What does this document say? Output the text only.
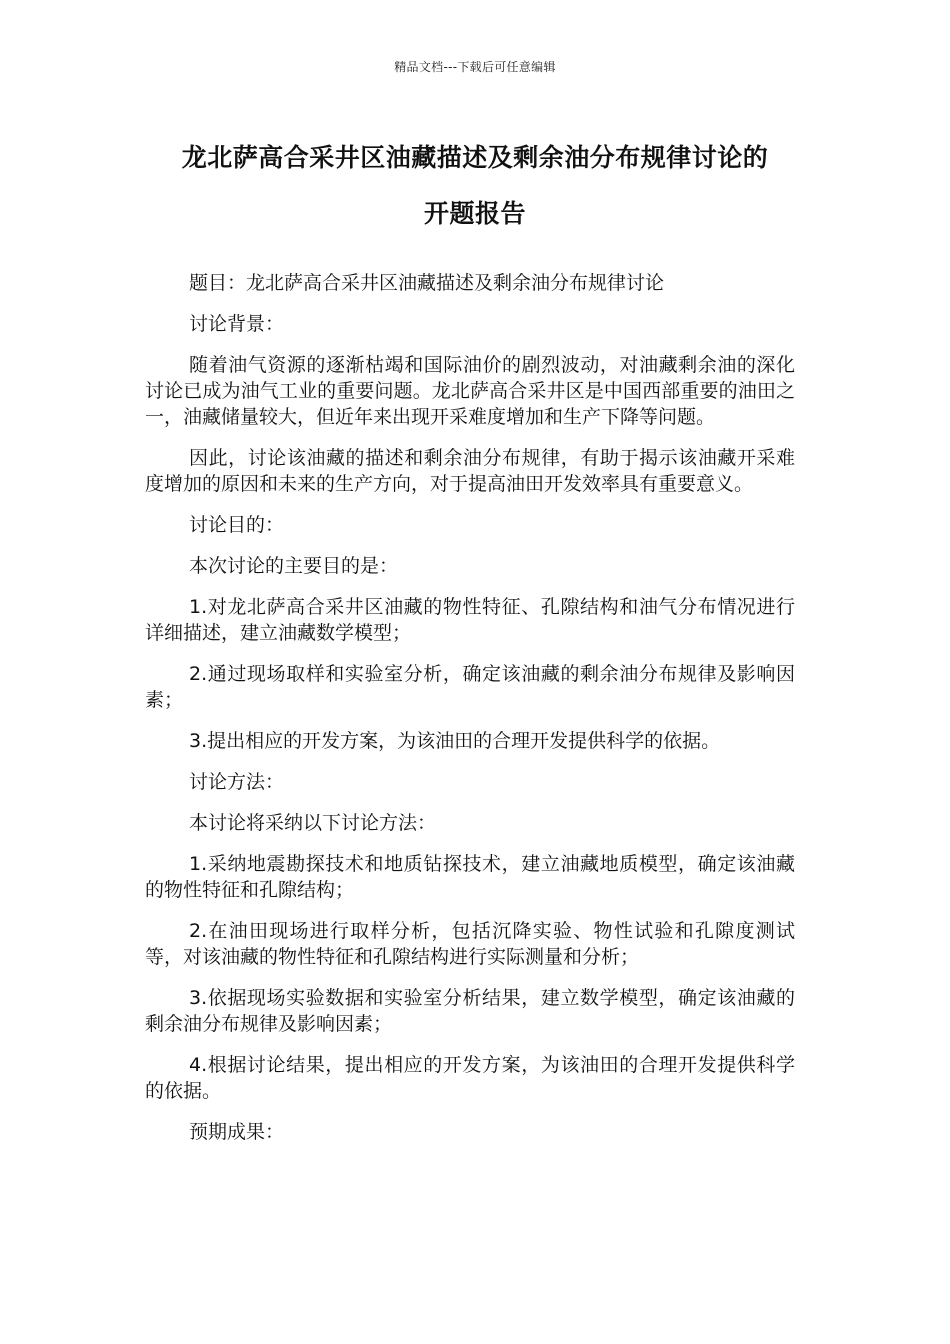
精品文档---下载后可任意编辑
龙北萨高合采井区油藏描述及剩余油分布规律讨论的
开题报告

题目：龙北萨高合采井区油藏描述及剩余油分布规律讨论

讨论背景：

随着油气资源的逐渐枯竭和国际油价的剧烈波动，对油藏剩余油的深化讨论已成为油气工业的重要问题。龙北萨高合采井区是中国西部重要的油田之一，油藏储量较大，但近年来出现开采难度增加和生产下降等问题。

因此，讨论该油藏的描述和剩余油分布规律，有助于揭示该油藏开采难度增加的原因和未来的生产方向，对于提高油田开发效率具有重要意义。

讨论目的：

本次讨论的主要目的是：

1.对龙北萨高合采井区油藏的物性特征、孔隙结构和油气分布情况进行详细描述，建立油藏数学模型；

2.通过现场取样和实验室分析，确定该油藏的剩余油分布规律及影响因素；

3.提出相应的开发方案，为该油田的合理开发提供科学的依据。

讨论方法：

本讨论将采纳以下讨论方法：

1.采纳地震勘探技术和地质钻探技术，建立油藏地质模型，确定该油藏的物性特征和孔隙结构；

2.在油田现场进行取样分析，包括沉降实验、物性试验和孔隙度测试等，对该油藏的物性特征和孔隙结构进行实际测量和分析；

3.依据现场实验数据和实验室分析结果，建立数学模型，确定该油藏的剩余油分布规律及影响因素；

4.根据讨论结果，提出相应的开发方案，为该油田的合理开发提供科学的依据。

预期成果：
